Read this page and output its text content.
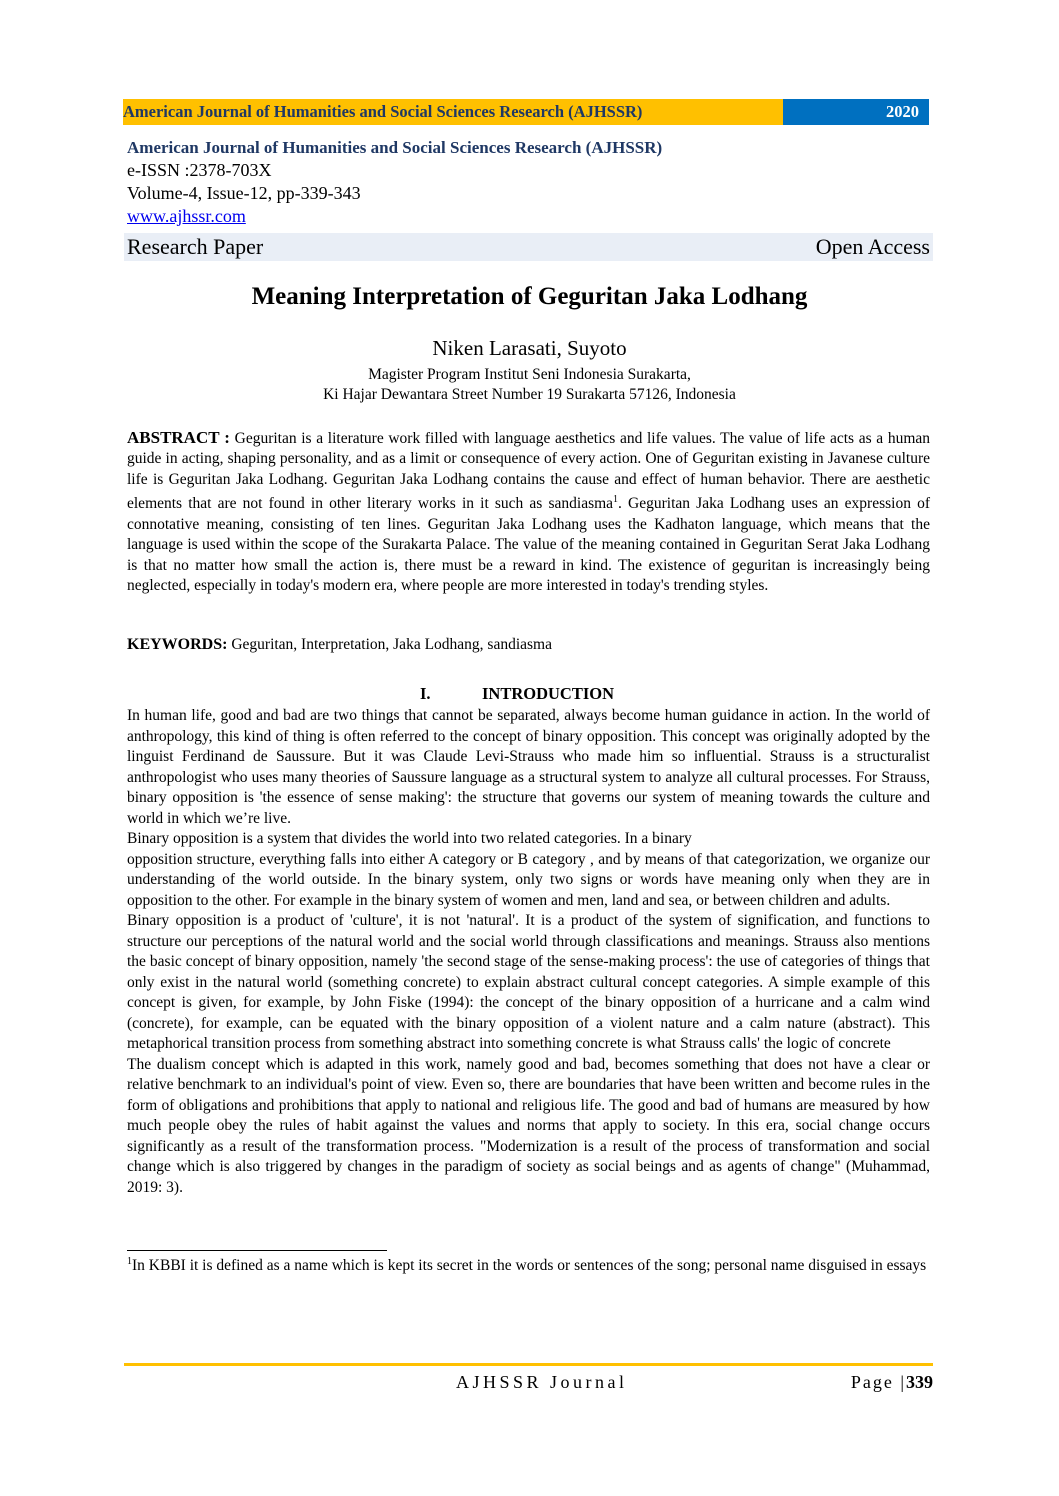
American Journal of Humanities and Social Sciences Research (AJHSSR)	2020
American Journal of Humanities and Social Sciences Research (AJHSSR)
e-ISSN :2378-703X
Volume-4, Issue-12, pp-339-343
www.ajhssr.com
Research Paper	Open Access
Meaning Interpretation of Geguritan Jaka Lodhang
Niken Larasati, Suyoto
Magister Program Institut Seni Indonesia Surakarta,
Ki Hajar Dewantara Street Number 19 Surakarta 57126, Indonesia
ABSTRACT : Geguritan is a literature work filled with language aesthetics and life values. The value of life acts as a human guide in acting, shaping personality, and as a limit or consequence of every action. One of Geguritan existing in Javanese culture life is Geguritan Jaka Lodhang. Geguritan Jaka Lodhang contains the cause and effect of human behavior. There are aesthetic elements that are not found in other literary works in it such as sandiasma$^1$. Geguritan Jaka Lodhang uses an expression of connotative meaning, consisting of ten lines. Geguritan Jaka Lodhang uses the Kadhaton language, which means that the language is used within the scope of the Surakarta Palace. The value of the meaning contained in Geguritan Serat Jaka Lodhang is that no matter how small the action is, there must be a reward in kind. The existence of geguritan is increasingly being neglected, especially in today's modern era, where people are more interested in today's trending styles.
KEYWORDS: Geguritan, Interpretation, Jaka Lodhang, sandiasma
I.	INTRODUCTION

In human life, good and bad are two things that cannot be separated, always become human guidance in action. In the world of anthropology, this kind of thing is often referred to the concept of binary opposition. This concept was originally adopted by the linguist Ferdinand de Saussure. But it was Claude Levi-Strauss who made him so influential. Strauss is a structuralist anthropologist who uses many theories of Saussure language as a structural system to analyze all cultural processes. For Strauss, binary opposition is 'the essence of sense making': the structure that governs our system of meaning towards the culture and world in which we’re live.

Binary opposition is a system that divides the world into two related categories. In a binary

opposition structure, everything falls into either A category or B category , and by means of that categorization, we organize our understanding of the world outside. In the binary system, only two signs or words have meaning only when they are in opposition to the other. For example in the binary system of women and men, land and sea, or between children and adults.

Binary opposition is a product of 'culture', it is not 'natural'. It is a product of the system of signification, and functions to structure our perceptions of the natural world and the social world through classifications and meanings. Strauss also mentions the basic concept of binary opposition, namely 'the second stage of the sense-making process': the use of categories of things that only exist in the natural world (something concrete) to explain abstract cultural concept categories. A simple example of this concept is given, for example, by John Fiske (1994): the concept of the binary opposition of a hurricane and a calm wind (concrete), for example, can be equated with the binary opposition of a violent nature and a calm nature (abstract). This metaphorical transition process from something abstract into something concrete is what Strauss calls' the logic of concrete

The dualism concept which is adapted in this work, namely good and bad, becomes something that does not have a clear or relative benchmark to an individual's point of view. Even so, there are boundaries that have been written and become rules in the form of obligations and prohibitions that apply to national and religious life. The good and bad of humans are measured by how much people obey the rules of habit against the values and norms that apply to society. In this era, social change occurs significantly as a result of the transformation process. "Modernization is a result of the process of transformation and social change which is also triggered by changes in the paradigm of society as social beings and as agents of change" (Muhammad, 2019: 3).

$^1$In KBBI it is defined as a name which is kept its secret in the words or sentences of the song; personal name disguised in essays
AJHSSR Journal	Page |339
